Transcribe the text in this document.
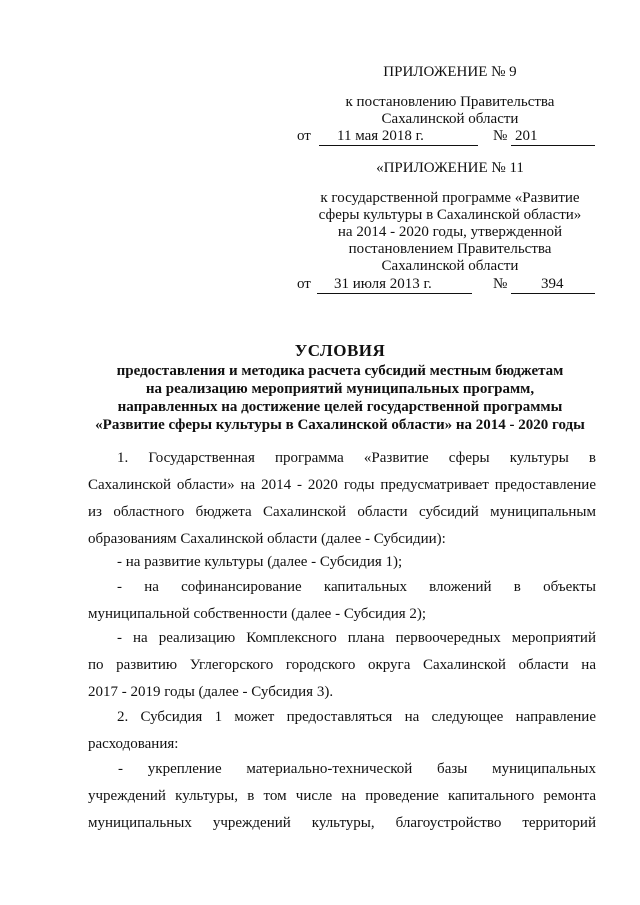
ПРИЛОЖЕНИЕ № 9
к постановлению Правительства
Сахалинской области
от 11 мая 2018 г.	№ 201
«ПРИЛОЖЕНИЕ № 11
к государственной программе «Развитие
сферы культуры в Сахалинской области»
на 2014 - 2020 годы, утвержденной
постановлением Правительства
Сахалинской области
от 31 июля 2013 г.	№ 394
УСЛОВИЯ
предоставления и методика расчета субсидий местным бюджетам
на реализацию мероприятий муниципальных программ,
направленных на достижение целей государственной программы
«Развитие сферы культуры в Сахалинской области» на 2014 - 2020 годы
1. Государственная программа «Развитие сферы культуры в
Сахалинской области» на 2014 - 2020 годы предусматривает предоставление
из областного бюджета Сахалинской области субсидий муниципальным
образованиям Сахалинской области (далее - Субсидии):
- на развитие культуры (далее - Субсидия 1);
- на софинансирование капитальных вложений в объекты
муниципальной собственности (далее - Субсидия 2);
- на реализацию Комплексного плана первоочередных мероприятий
по развитию Углегорского городского округа Сахалинской области на
2017 - 2019 годы (далее - Субсидия 3).
2. Субсидия 1 может предоставляться на следующее направление
расходования:
- укрепление материально-технической базы муниципальных
учреждений культуры, в том числе на проведение капитального ремонта
муниципальных учреждений культуры, благоустройство территорий
